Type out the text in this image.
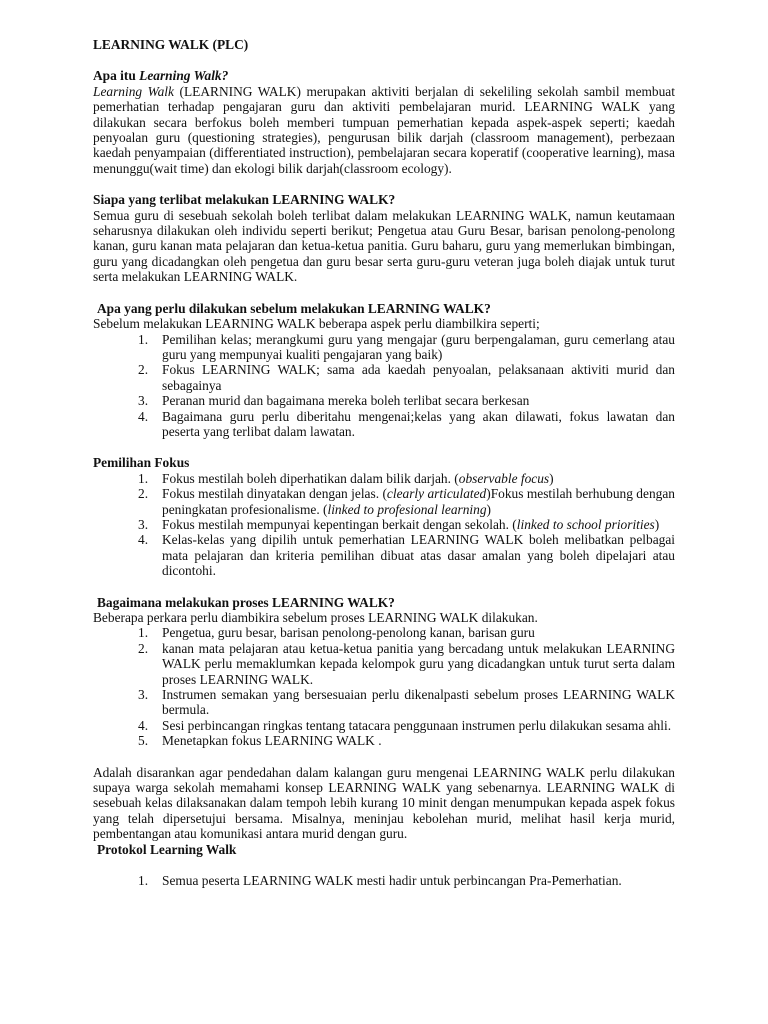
LEARNING WALK (PLC)

Apa itu Learning Walk?

Learning Walk (LEARNING WALK) merupakan aktiviti berjalan di sekeliling sekolah sambil membuat pemerhatian terhadap pengajaran guru dan aktiviti pembelajaran murid. LEARNING WALK yang dilakukan secara berfokus boleh memberi tumpuan pemerhatian kepada aspek-aspek seperti; kaedah penyoalan guru (questioning strategies), pengurusan bilik darjah (classroom management), perbezaan kaedah penyampaian (differentiated instruction), pembelajaran secara koperatif (cooperative learning), masa menunggu(wait time) dan ekologi bilik darjah(classroom ecology).

Siapa yang terlibat melakukan LEARNING WALK?

Semua guru di sesebuah sekolah boleh terlibat dalam melakukan LEARNING WALK, namun keutamaan seharusnya dilakukan oleh individu seperti berikut; Pengetua atau Guru Besar, barisan penolong-penolong kanan, guru kanan mata pelajaran dan ketua-ketua panitia. Guru baharu, guru yang memerlukan bimbingan, guru yang dicadangkan oleh pengetua dan guru besar serta guru-guru veteran juga boleh diajak untuk turut serta melakukan LEARNING WALK.

Apa yang perlu dilakukan sebelum melakukan LEARNING WALK?

Sebelum melakukan LEARNING WALK beberapa aspek perlu diambilkira seperti;

1. Pemilihan kelas; merangkumi guru yang mengajar (guru berpengalaman, guru cemerlang atau guru yang mempunyai kualiti pengajaran yang baik)
2. Fokus LEARNING WALK; sama ada kaedah penyoalan, pelaksanaan aktiviti murid dan sebagainya
3. Peranan murid dan bagaimana mereka boleh terlibat secara berkesan
4. Bagaimana guru perlu diberitahu mengenai;kelas yang akan dilawati, fokus lawatan dan peserta yang terlibat dalam lawatan.

Pemilihan Fokus

1. Fokus mestilah boleh diperhatikan dalam bilik darjah. (observable focus)
2. Fokus mestilah dinyatakan dengan jelas. (clearly articulated)Fokus mestilah berhubung dengan peningkatan profesionalisme. (linked to profesional learning)
3. Fokus mestilah mempunyai kepentingan berkait dengan sekolah. (linked to school priorities)
4. Kelas-kelas yang dipilih untuk pemerhatian LEARNING WALK boleh melibatkan pelbagai mata pelajaran dan kriteria pemilihan dibuat atas dasar amalan yang boleh dipelajari atau dicontohi.

Bagaimana melakukan proses LEARNING WALK?

Beberapa perkara perlu diambikira sebelum proses LEARNING WALK dilakukan.

1. Pengetua, guru besar, barisan penolong-penolong kanan, barisan guru
2. kanan mata pelajaran atau ketua-ketua panitia yang bercadang untuk melakukan LEARNING WALK perlu memaklumkan kepada kelompok guru yang dicadangkan untuk turut serta dalam proses LEARNING WALK.
3. Instrumen semakan yang bersesuaian perlu dikenalpasti sebelum proses LEARNING WALK bermula.
4. Sesi perbincangan ringkas tentang tatacara penggunaan instrumen perlu dilakukan sesama ahli.
5. Menetapkan fokus LEARNING WALK .

Adalah disarankan agar pendedahan dalam kalangan guru mengenai LEARNING WALK perlu dilakukan supaya warga sekolah memahami konsep LEARNING WALK yang sebenarnya. LEARNING WALK di sesebuah kelas dilaksanakan dalam tempoh lebih kurang 10 minit dengan menumpukan kepada aspek fokus yang telah dipersetujui bersama. Misalnya, meninjau kebolehan murid, melihat hasil kerja murid, pembentangan atau komunikasi antara murid dengan guru.

Protokol Learning Walk

1. Semua peserta LEARNING WALK mesti hadir untuk perbincangan Pra-Pemerhatian.
